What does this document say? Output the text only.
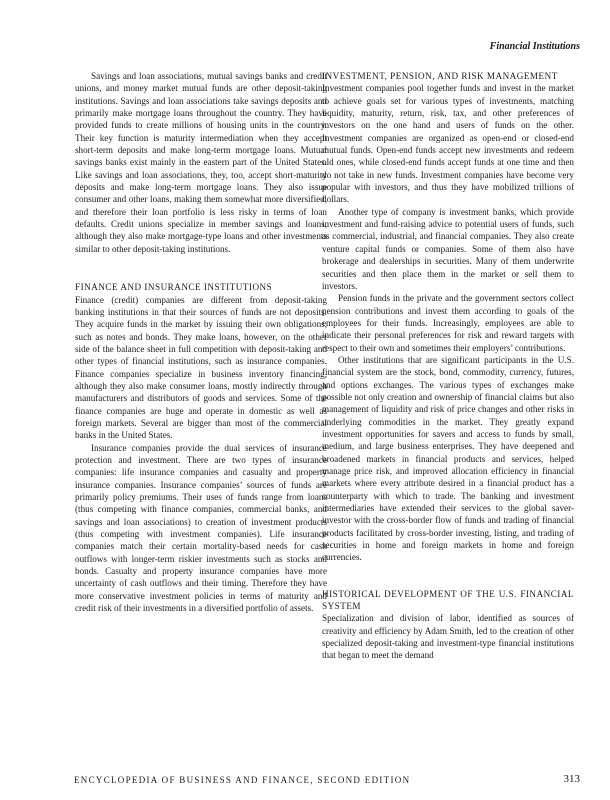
Financial Institutions

Savings and loan associations, mutual savings banks and credit unions, and money market mutual funds are other deposit-taking institutions. Savings and loan associations take savings deposits and primarily make mortgage loans throughout the country. They have provided funds to create millions of housing units in the country. Their key function is maturity intermediation when they accept short-term deposits and make long-term mortgage loans. Mutual savings banks exist mainly in the eastern part of the United States. Like savings and loan associations, they, too, accept short-maturity deposits and make long-term mortgage loans. They also issue consumer and other loans, making them somewhat more diversified, and therefore their loan portfolio is less risky in terms of loan defaults. Credit unions specialize in member savings and loans, although they also make mortgage-type loans and other investments similar to other deposit-taking institutions.

FINANCE AND INSURANCE INSTITUTIONS

Finance (credit) companies are different from deposit-taking banking institutions in that their sources of funds are not deposits. They acquire funds in the market by issuing their own obligations, such as notes and bonds. They make loans, however, on the other side of the balance sheet in full competition with deposit-taking and other types of financial institutions, such as insurance companies. Finance companies specialize in business inventory financing, although they also make consumer loans, mostly indirectly through manufacturers and distributors of goods and services. Some of the finance companies are huge and operate in domestic as well as foreign markets. Several are bigger than most of the commercial banks in the United States.

Insurance companies provide the dual services of insurance protection and investment. There are two types of insurance companies: life insurance companies and casualty and property insurance companies. Insurance companies’ sources of funds are primarily policy premiums. Their uses of funds range from loans (thus competing with finance companies, commercial banks, and savings and loan associations) to creation of investment products (thus competing with investment companies). Life insurance companies match their certain mortality-based needs for cash outflows with longer-term riskier investments such as stocks and bonds. Casualty and property insurance companies have more uncertainty of cash outflows and their timing. Therefore they have more conservative investment policies in terms of maturity and credit risk of their investments in a diversified portfolio of assets.

INVESTMENT, PENSION, AND RISK MANAGEMENT

Investment companies pool together funds and invest in the market to achieve goals set for various types of investments, matching liquidity, maturity, return, risk, tax, and other preferences of investors on the one hand and users of funds on the other. Investment companies are organized as open-end or closed-end mutual funds. Open-end funds accept new investments and redeem old ones, while closed-end funds accept funds at one time and then do not take in new funds. Investment companies have become very popular with investors, and thus they have mobilized trillions of dollars.

Another type of company is investment banks, which provide investment and fund-raising advice to potential users of funds, such as commercial, industrial, and financial companies. They also create venture capital funds or companies. Some of them also have brokerage and dealerships in securities. Many of them underwrite securities and then place them in the market or sell them to investors.

Pension funds in the private and the government sectors collect pension contributions and invest them according to goals of the employees for their funds. Increasingly, employees are able to indicate their personal preferences for risk and reward targets with respect to their own and sometimes their employers’ contributions.

Other institutions that are significant participants in the U.S. financial system are the stock, bond, commodity, currency, futures, and options exchanges. The various types of exchanges make possible not only creation and ownership of financial claims but also management of liquidity and risk of price changes and other risks in underlying commodities in the market. They greatly expand investment opportunities for savers and access to funds by small, medium, and large business enterprises. They have deepened and broadened markets in financial products and services, helped manage price risk, and improved allocation efficiency in financial markets where every attribute desired in a financial product has a counterparty with which to trade. The banking and investment intermediaries have extended their services to the global saver-investor with the cross-border flow of funds and trading of financial products facilitated by cross-border investing, listing, and trading of securities in home and foreign markets in home and foreign currencies.

HISTORICAL DEVELOPMENT OF THE U.S. FINANCIAL SYSTEM

Specialization and division of labor, identified as sources of creativity and efficiency by Adam Smith, led to the creation of other specialized deposit-taking and investment-type financial institutions that began to meet the demand

ENCYCLOPEDIA OF BUSINESS AND FINANCE, SECOND EDITION	313
